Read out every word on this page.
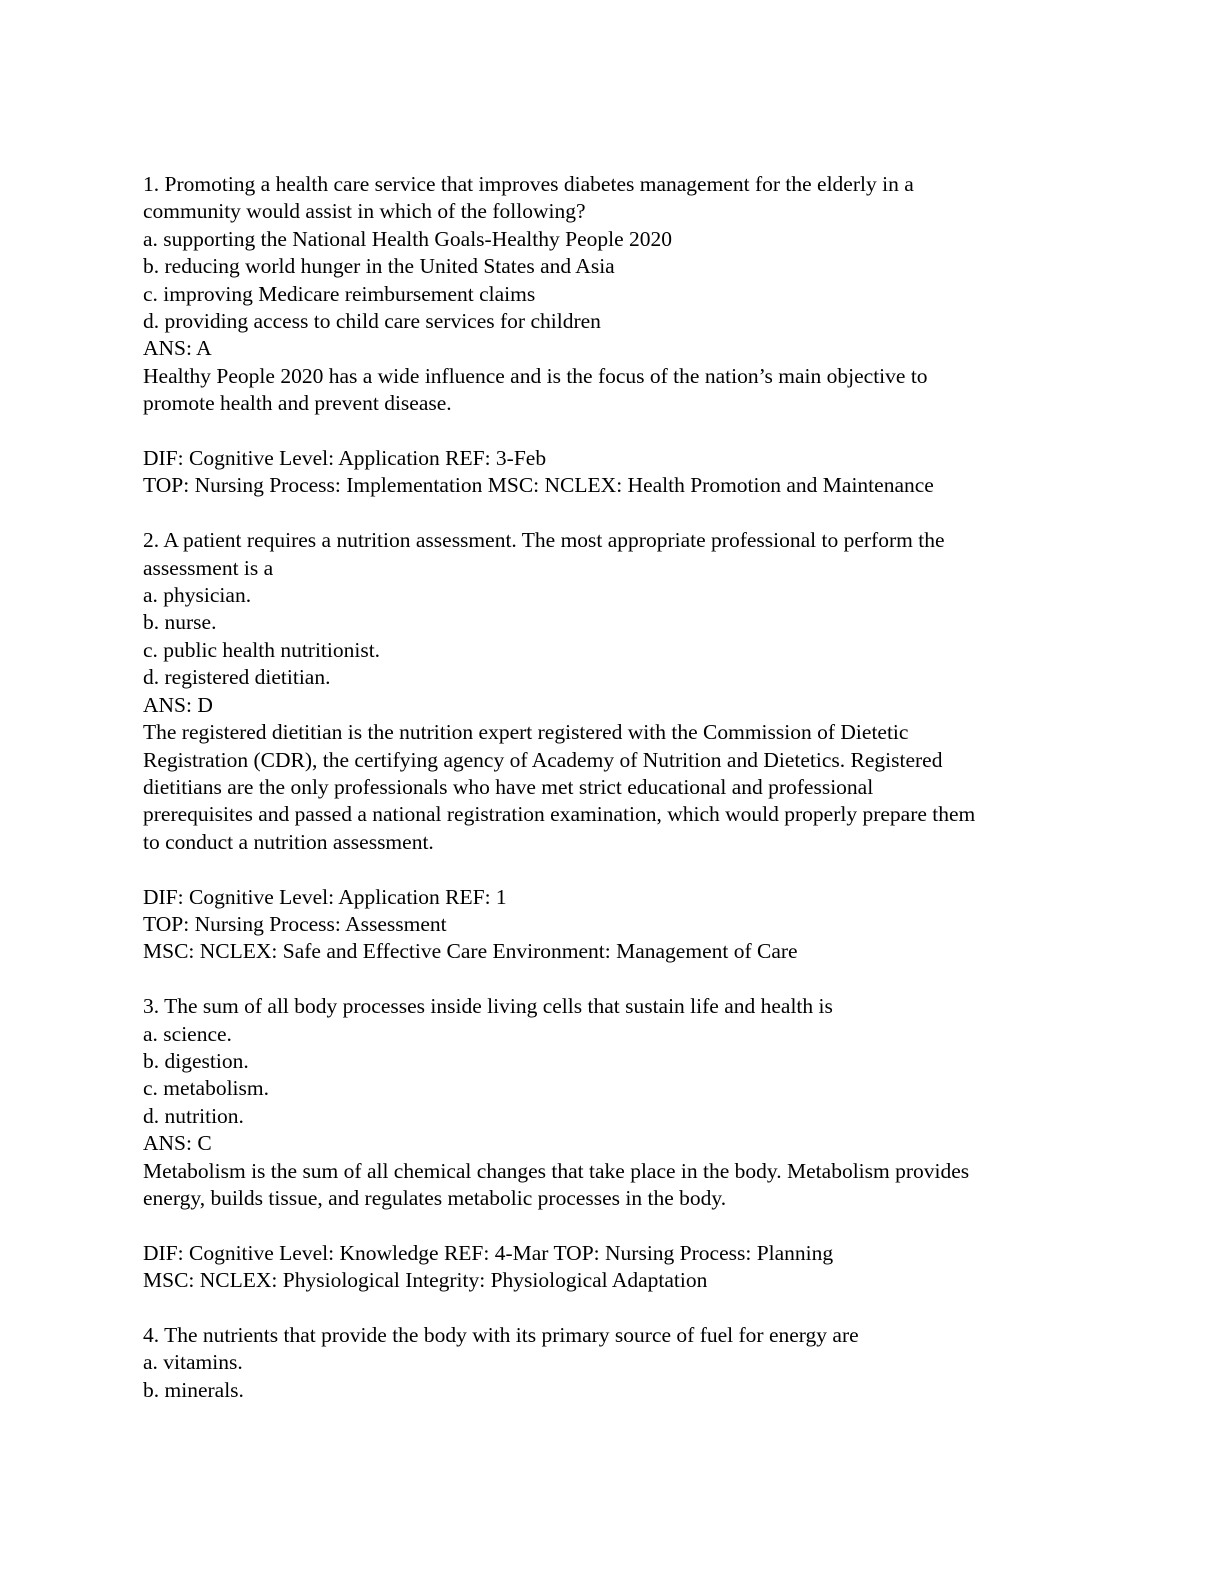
1. Promoting a health care service that improves diabetes management for the elderly in a
community would assist in which of the following?
a. supporting the National Health Goals-Healthy People 2020
b. reducing world hunger in the United States and Asia
c. improving Medicare reimbursement claims
d. providing access to child care services for children
ANS: A
Healthy People 2020 has a wide influence and is the focus of the nation’s main objective to
promote health and prevent disease.
DIF: Cognitive Level: Application REF: 3-Feb
TOP: Nursing Process: Implementation MSC: NCLEX: Health Promotion and Maintenance
2. A patient requires a nutrition assessment. The most appropriate professional to perform the
assessment is a
a. physician.
b. nurse.
c. public health nutritionist.
d. registered dietitian.
ANS: D
The registered dietitian is the nutrition expert registered with the Commission of Dietetic
Registration (CDR), the certifying agency of Academy of Nutrition and Dietetics. Registered
dietitians are the only professionals who have met strict educational and professional
prerequisites and passed a national registration examination, which would properly prepare them
to conduct a nutrition assessment.
DIF: Cognitive Level: Application REF: 1
TOP: Nursing Process: Assessment
MSC: NCLEX: Safe and Effective Care Environment: Management of Care
3. The sum of all body processes inside living cells that sustain life and health is
a. science.
b. digestion.
c. metabolism.
d. nutrition.
ANS: C
Metabolism is the sum of all chemical changes that take place in the body. Metabolism provides
energy, builds tissue, and regulates metabolic processes in the body.
DIF: Cognitive Level: Knowledge REF: 4-Mar TOP: Nursing Process: Planning
MSC: NCLEX: Physiological Integrity: Physiological Adaptation
4. The nutrients that provide the body with its primary source of fuel for energy are
a. vitamins.
b. minerals.
